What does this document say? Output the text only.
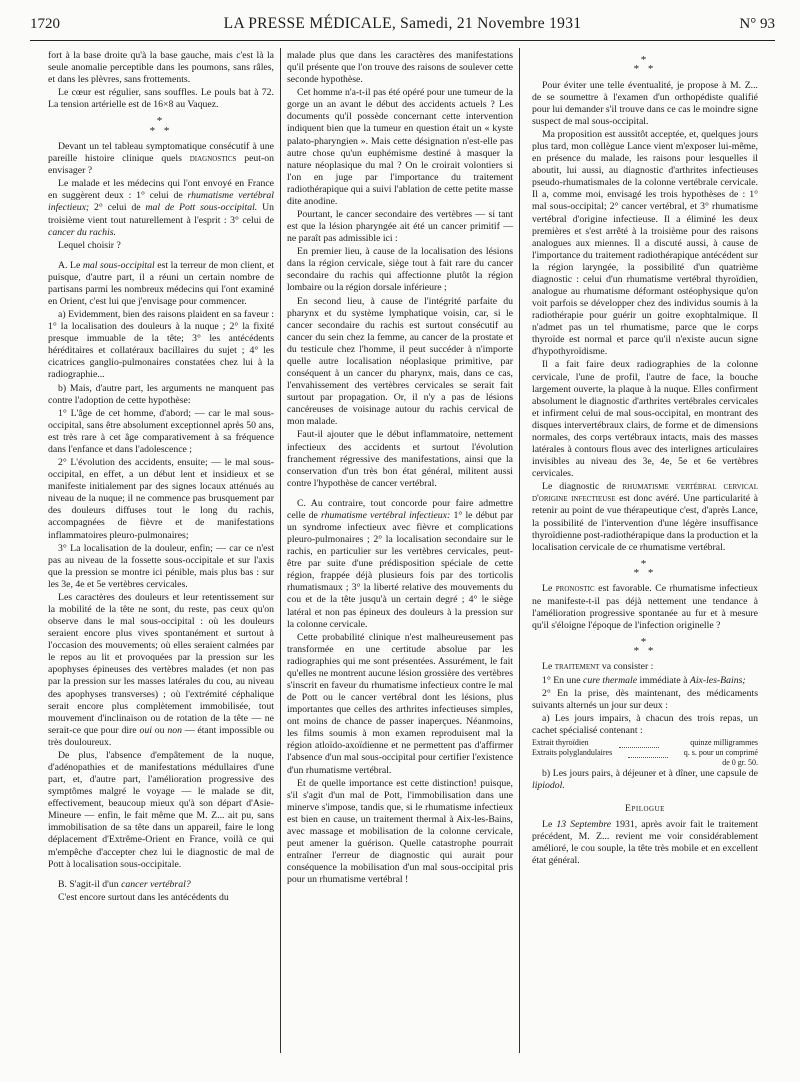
1720	LA PRESSE MÉDICALE, Samedi, 21 Novembre 1931	N° 93

fort à la base droite qu'à la base gauche, mais c'est là la seule anomalie perceptible dans les poumons, sans râles, et dans les plèvres, sans frottements.

Le cœur est régulier, sans souffles. Le pouls bat à 72. La tension artérielle est de 16×8 au Vaquez.

*
* *

Devant un tel tableau symptomatique consécutif à une pareille histoire clinique quels diagnostics peut-on envisager ?

Le malade et les médecins qui l'ont envoyé en France en suggèrent deux : 1° celui de rhumatisme vertébral infectieux; 2° celui de mal de Pott sous-occipital. Un troisième vient tout naturellement à l'esprit : 3° celui de cancer du rachis.

Lequel choisir ?

A. Le mal sous-occipital est la terreur de mon client, et puisque, d'autre part, il a réuni un certain nombre de partisans parmi les nombreux médecins qui l'ont examiné en Orient, c'est lui que j'envisage pour commencer.

a) Evidemment, bien des raisons plaident en sa faveur : 1° la localisation des douleurs à la nuque ; 2° la fixité presque immuable de la tête; 3° les antécédents héréditaires et collatéraux bacillaires du sujet ; 4° les cicatrices ganglio-pulmonaires constatées chez lui à la radiographie...

b) Mais, d'autre part, les arguments ne manquent pas contre l'adoption de cette hypothèse:

1° L'âge de cet homme, d'abord; — car le mal sous-occipital, sans être absolument exceptionnel après 50 ans, est très rare à cet âge comparativement à sa fréquence dans l'enfance et dans l'adolescence ;

2° L'évolution des accidents, ensuite; — le mal sous-occipital, en effet, a un début lent et insidieux et se manifeste initialement par des signes locaux atténués au niveau de la nuque; il ne commence pas brusquement par des douleurs diffuses tout le long du rachis, accompagnées de fièvre et de manifestations inflammatoires pleuro-pulmonaires;

3° La localisation de la douleur, enfin; — car ce n'est pas au niveau de la fossette sous-occipitale et sur l'axis que la pression se montre ici pénible, mais plus bas : sur les 3e, 4e et 5e vertèbres cervicales.

Les caractères des douleurs et leur retentissement sur la mobilité de la tête ne sont, du reste, pas ceux qu'on observe dans le mal sous-occipital : où les douleurs seraient encore plus vives spontanément et surtout à l'occasion des mouvements; où elles seraient calmées par le repos au lit et provoquées par la pression sur les apophyses épineuses des vertèbres malades (et non pas par la pression sur les masses latérales du cou, au niveau des apophyses transverses) ; où l'extrémité céphalique serait encore plus complètement immobilisée, tout mouvement d'inclinaison ou de rotation de la tête — ne serait-ce que pour dire oui ou non — étant impossible ou très douloureux.

De plus, l'absence d'empâtement de la nuque, d'adénopathies et de manifestations médullaires d'une part, et, d'autre part, l'amélioration progressive des symptômes malgré le voyage — le malade se dit, effectivement, beaucoup mieux qu'à son départ d'Asie-Mineure — enfin, le fait même que M. Z... ait pu, sans immobilisation de sa tête dans un appareil, faire le long déplacement d'Extrême-Orient en France, voilà ce qui m'empêche d'accepter chez lui le diagnostic de mal de Pott à localisation sous-occipitale.

B. S'agit-il d'un cancer vertébral?

C'est encore surtout dans les antécédents du

malade plus que dans les caractères des manifestations qu'il présente que l'on trouve des raisons de soulever cette seconde hypothèse.

Cet homme n'a-t-il pas été opéré pour une tumeur de la gorge un an avant le début des accidents actuels ? Les documents qu'il possède concernant cette intervention indiquent bien que la tumeur en question était un « kyste palato-pharyngien ». Mais cette désignation n'est-elle pas autre chose qu'un euphémisme destiné à masquer la nature néoplasique du mal ? On le croirait volontiers si l'on en juge par l'importance du traitement radiothérapique qui a suivi l'ablation de cette petite masse dite anodine.

Pourtant, le cancer secondaire des vertèbres — si tant est que la lésion pharyngée ait été un cancer primitif — ne paraît pas admissible ici :

En premier lieu, à cause de la localisation des lésions dans la région cervicale, siège tout à fait rare du cancer secondaire du rachis qui affectionne plutôt la région lombaire ou la région dorsale inférieure ;

En second lieu, à cause de l'intégrité parfaite du pharynx et du système lymphatique voisin, car, si le cancer secondaire du rachis est surtout consécutif au cancer du sein chez la femme, au cancer de la prostate et du testicule chez l'homme, il peut succéder à n'importe quelle autre localisation néoplasique primitive, par conséquent à un cancer du pharynx, mais, dans ce cas, l'envahissement des vertèbres cervicales se serait fait surtout par propagation. Or, il n'y a pas de lésions cancéreuses de voisinage autour du rachis cervical de mon malade.

Faut-il ajouter que le début inflammatoire, nettement infectieux des accidents et surtout l'évolution franchement régressive des manifestations, ainsi que la conservation d'un très bon état général, militent aussi contre l'hypothèse de cancer vertébral.

C. Au contraire, tout concorde pour faire admettre celle de rhumatisme vertébral infectieux: 1° le début par un syndrome infectieux avec fièvre et complications pleuro-pulmonaires ; 2° la localisation secondaire sur le rachis, en particulier sur les vertèbres cervicales, peut-être par suite d'une prédisposition spéciale de cette région, frappée déjà plusieurs fois par des torticolis rhumatismaux ; 3° la liberté relative des mouvements du cou et de la tête jusqu'à un certain degré ; 4° le siège latéral et non pas épineux des douleurs à la pression sur la colonne cervicale.

Cette probabilité clinique n'est malheureusement pas transformée en une certitude absolue par les radiographies qui me sont présentées. Assurément, le fait qu'elles ne montrent aucune lésion grossière des vertèbres s'inscrit en faveur du rhumatisme infectieux contre le mal de Pott ou le cancer vertébral dont les lésions, plus importantes que celles des arthrites infectieuses simples, ont moins de chance de passer inaperçues. Néanmoins, les films soumis à mon examen reproduisent mal la région atloïdo-axoïdienne et ne permettent pas d'affirmer l'absence d'un mal sous-occipital pour certifier l'existence d'un rhumatisme vertébral.

Et de quelle importance est cette distinction! puisque, s'il s'agit d'un mal de Pott, l'immobilisation dans une minerve s'impose, tandis que, si le rhumatisme infectieux est bien en cause, un traitement thermal à Aix-les-Bains, avec massage et mobilisation de la colonne cervicale, peut amener la guérison. Quelle catastrophe pourrait entraîner l'erreur de diagnostic qui aurait pour conséquence la mobilisation d'un mal sous-occipital pris pour un rhumatisme vertébral !

*
* *

Pour éviter une telle éventualité, je propose à M. Z... de se soumettre à l'examen d'un orthopédiste qualifié pour lui demander s'il trouve dans ce cas le moindre signe suspect de mal sous-occipital.

Ma proposition est aussitôt acceptée, et, quelques jours plus tard, mon collègue Lance vient m'exposer lui-même, en présence du malade, les raisons pour lesquelles il aboutit, lui aussi, au diagnostic d'arthrites infectieuses pseudo-rhumatismales de la colonne vertébrale cervicale. Il a, comme moi, envisagé les trois hypothèses de : 1° mal sous-occipital; 2° cancer vertébral, et 3° rhumatisme vertébral d'origine infectieuse. Il a éliminé les deux premières et s'est arrêté à la troisième pour des raisons analogues aux miennes. Il a discuté aussi, à cause de l'importance du traitement radiothérapique antécédent sur la région laryngée, la possibilité d'un quatrième diagnostic : celui d'un rhumatisme vertébral thyroïdien, analogue au rhumatisme déformant ostéophysique qu'on voit parfois se développer chez des individus soumis à la radiothérapie pour guérir un goitre exophtalmique. Il n'admet pas un tel rhumatisme, parce que le corps thyroïde est normal et parce qu'il n'existe aucun signe d'hypothyroïdisme.

Il a fait faire deux radiographies de la colonne cervicale, l'une de profil, l'autre de face, la bouche largement ouverte, la plaque à la nuque. Elles confirment absolument le diagnostic d'arthrites vertébrales cervicales et infirment celui de mal sous-occipital, en montrant des disques intervertébraux clairs, de forme et de dimensions normales, des corps vertébraux intacts, mais des masses latérales à contours flous avec des interlignes articulaires invisibles au niveau des 3e, 4e, 5e et 6e vertèbres cervicales.

Le diagnostic de rhumatisme vertébral cervical d'origine infectieuse est donc avéré. Une particularité à retenir au point de vue thérapeutique c'est, d'après Lance, la possibilité de l'intervention d'une légère insuffisance thyroïdienne post-radiothérapique dans la production et la localisation cervicale de ce rhumatisme vertébral.

*
* *

Le pronostic est favorable. Ce rhumatisme infectieux ne manifeste-t-il pas déjà nettement une tendance à l'amélioration progressive spontanée au fur et à mesure qu'il s'éloigne l'époque de l'infection originelle ?

*
* *

Le traitement va consister :

1° En une cure thermale immédiate à Aix-les-Bains;

2° En la prise, dès maintenant, des médicaments suivants alternés un jour sur deux :

a) Les jours impairs, à chacun des trois repas, un cachet spécialisé contenant :

Extrait thyroïdien	quinze milligrammes
Extraits polyglandulaires	q. s. pour un comprimé
de 0 gr. 50.

b) Les jours pairs, à déjeuner et à dîner, une capsule de lipiodol.

Epilogue

Le 13 Septembre 1931, après avoir fait le traitement précédent, M. Z... revient me voir considérablement amélioré, le cou souple, la tête très mobile et en excellent état général.
